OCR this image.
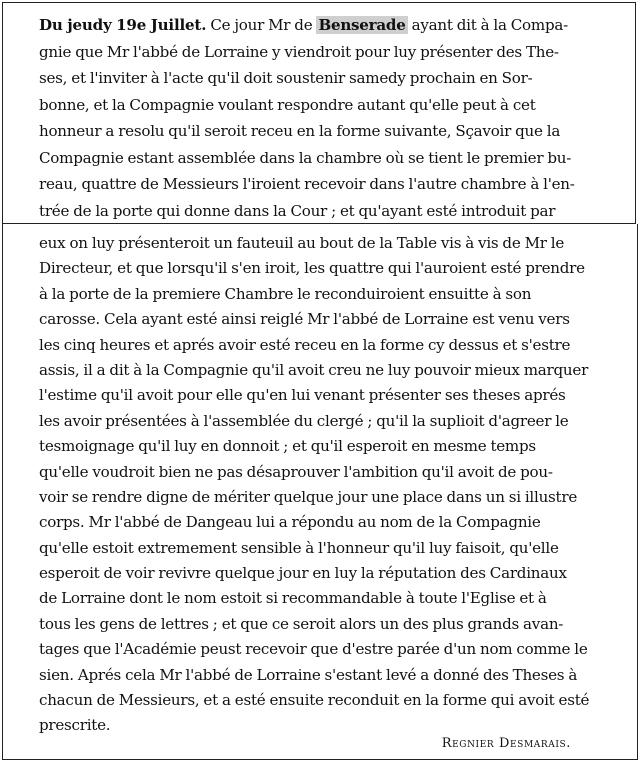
Du jeudy 19e Juillet. Ce jour Mr de Benserade ayant dit à la Compa-
gnie que Mr l'abbé de Lorraine y viendroit pour luy présenter des The-
ses, et l'inviter à l'acte qu'il doit soustenir samedy prochain en Sor-
bonne, et la Compagnie voulant respondre autant qu'elle peut à cet
honneur a resolu qu'il seroit receu en la forme suivante, Sçavoir que la
Compagnie estant assemblée dans la chambre où se tient le premier bu-
reau, quattre de Messieurs l'iroient recevoir dans l'autre chambre à l'en-
trée de la porte qui donne dans la Cour ; et qu'ayant esté introduit par
eux on luy présenteroit un fauteuil au bout de la Table vis à vis de Mr le
Directeur, et que lorsqu'il s'en iroit, les quattre qui l'auroient esté prendre
à la porte de la premiere Chambre le reconduiroient ensuitte à son
carosse. Cela ayant esté ainsi reiglé Mr l'abbé de Lorraine est venu vers
les cinq heures et aprés avoir esté receu en la forme cy dessus et s'estre
assis, il a dit à la Compagnie qu'il avoit creu ne luy pouvoir mieux marquer
l'estime qu'il avoit pour elle qu'en lui venant présenter ses theses aprés
les avoir présentées à l'assemblée du clergé ; qu'il la suplioit d'agreer le
tesmoignage qu'il luy en donnoit ; et qu'il esperoit en mesme temps
qu'elle voudroit bien ne pas désaprouver l'ambition qu'il avoit de pou-
voir se rendre digne de mériter quelque jour une place dans un si illustre
corps. Mr l'abbé de Dangeau lui a répondu au nom de la Compagnie
qu'elle estoit extremement sensible à l'honneur qu'il luy faisoit, qu'elle
esperoit de voir revivre quelque jour en luy la réputation des Cardinaux
de Lorraine dont le nom estoit si recommandable à toute l'Eglise et à
tous les gens de lettres ; et que ce seroit alors un des plus grands avan-
tages que l'Académie peust recevoir que d'estre parée d'un nom comme le
sien. Aprés cela Mr l'abbé de Lorraine s'estant levé a donné des Theses à
chacun de Messieurs, et a esté ensuite reconduit en la forme qui avoit esté
prescrite.
Regnier Desmarais.
